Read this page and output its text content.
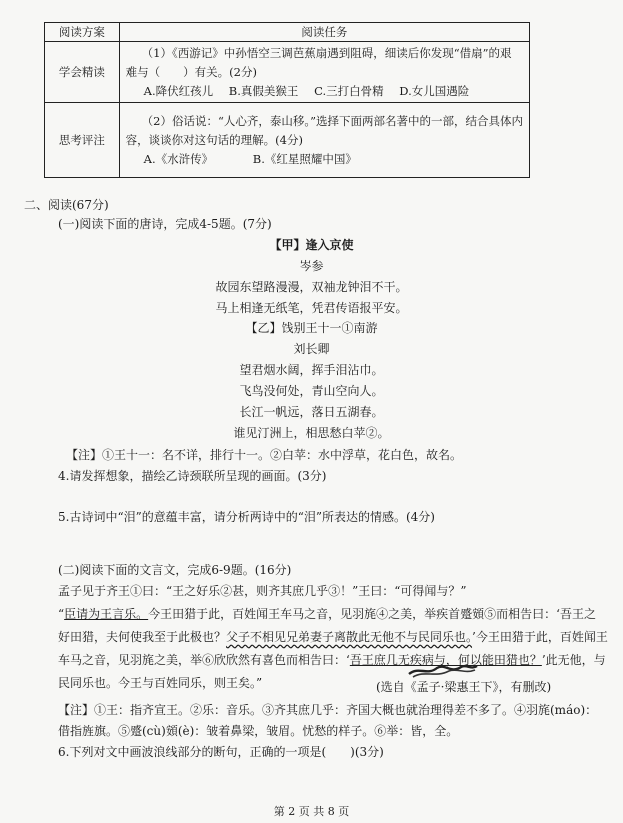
阅读方案	阅读任务
学会精读	（1）《西游记》中孙悟空三调芭蕉扇遇到阻碍，细读后你发现“借扇”的艰
难与（　　）有关。(2分)
A.降伏红孩儿 B.真假美猴王 C.三打白骨精 D.女儿国遇险

思考评注	（2）俗话说：“人心齐，泰山移。”选择下面两部名著中的一部，结合具体内
容，谈谈你对这句话的理解。(4分)
A.《水浒传》 B.《红星照耀中国》
二、阅读(67分)
(一)阅读下面的唐诗，完成4-5题。(7分)
【甲】逢入京使
岑参
故园东望路漫漫，双袖龙钟泪不干。
马上相逢无纸笔，凭君传语报平安。
【乙】饯别王十一①南游
刘长卿
望君烟水阔，挥手泪沾巾。
飞鸟没何处，青山空向人。
长江一帆远，落日五湖春。
谁见汀洲上，相思愁白苹②。
【注】①王十一：名不详，排行十一。②白苹：水中浮草，花白色，故名。
4.请发挥想象，描绘乙诗颈联所呈现的画面。(3分)
5.古诗词中“泪”的意蕴丰富，请分析两诗中的“泪”所表达的情感。(4分)
(二)阅读下面的文言文，完成6-9题。(16分)
孟子见于齐王①曰：“王之好乐②甚，则齐其庶几乎③！”王曰：“可得闻与？”
“臣请为王言乐。今王田猎于此，百姓闻王车马之音，见羽旄④之美，举疾首蹙頞⑤而相告曰：‘吾王之
好田猎，夫何使我至于此极也？父子不相见兄弟妻子离散此无他不与民同乐也。’今王田猎于此，百姓闻王
车马之音，见羽旄之美，举⑥欣欣然有喜色而相告曰：‘吾王庶几无疾病与，何以能田猎也？’此无他，与
民同乐也。今王与百姓同乐，则王矣。”	(选自《孟子·梁惠王下》，有删改)
【注】①王：指齐宣王。②乐：音乐。③齐其庶几乎：齐国大概也就治理得差不多了。④羽旄(máo)：
借指旌旗。⑤蹙(cù)頞(è)：皱着鼻梁，皱眉。忧愁的样子。⑥举：皆，全。
6.下列对文中画波浪线部分的断句，正确的一项是(　　)(3分)
第 2 页 共 8 页
